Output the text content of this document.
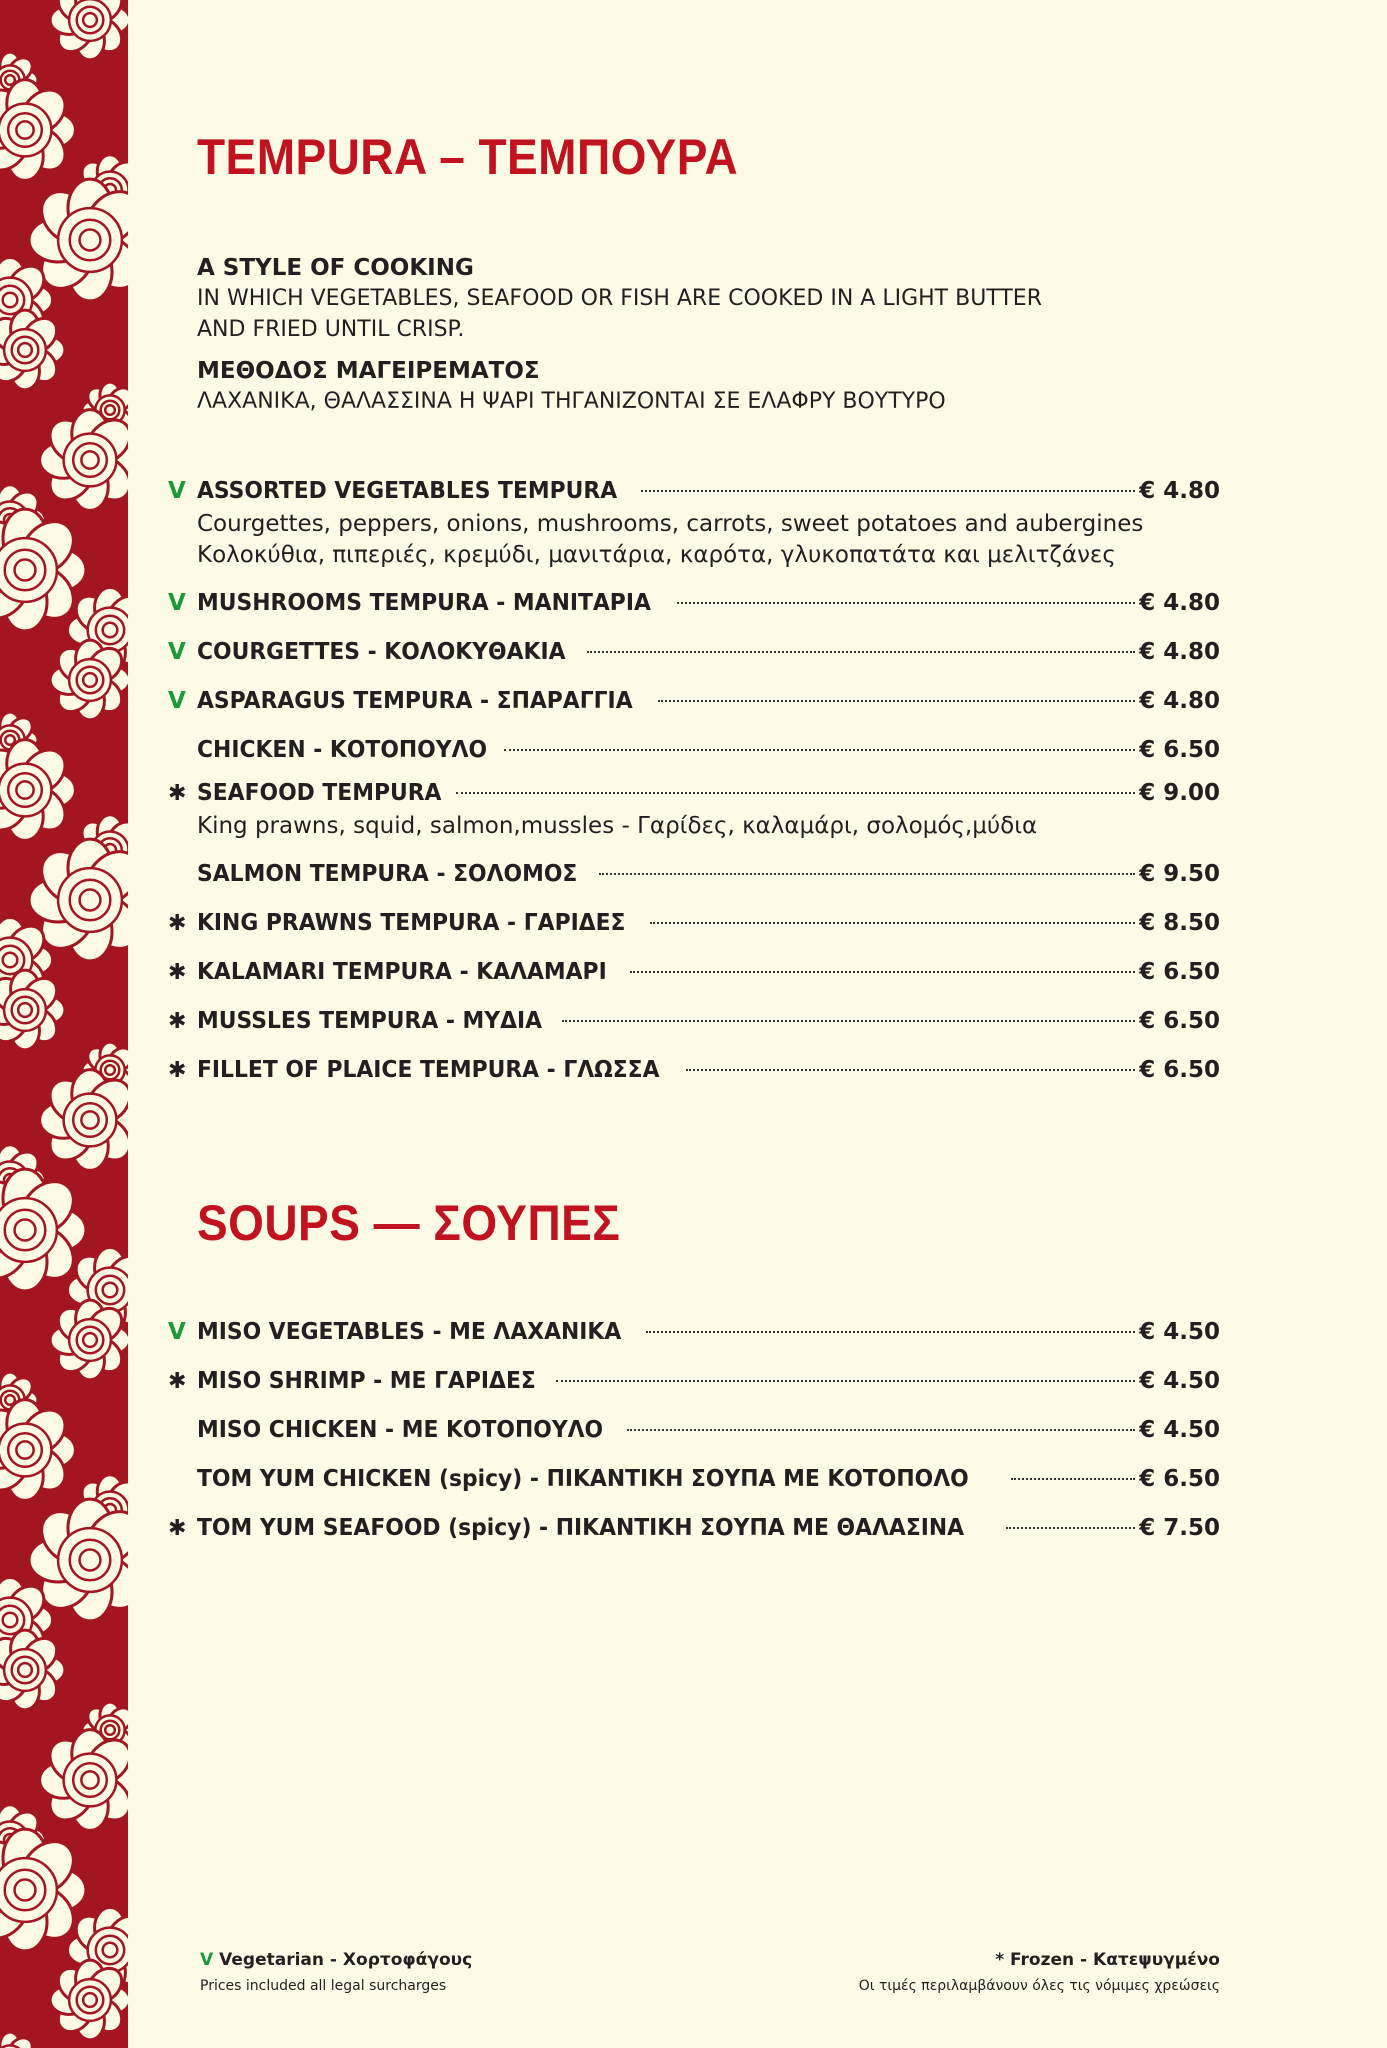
TEMPURA – ΤΕΜΠΟΥΡΑ
A STYLE OF COOKING
IN WHICH VEGETABLES, SEAFOOD OR FISH ARE COOKED IN A LIGHT BUTTER
AND FRIED UNTIL CRISP.
ΜΕΘΟΔΟΣ ΜΑΓΕΙΡΕΜΑΤΟΣ
ΛΑΧΑΝΙΚΑ, ΘΑΛΑΣΣΙΝΑ Η ΨΑΡΙ ΤΗΓΑΝΙΖΟΝΤΑΙ ΣΕ ΕΛΑΦΡΥ ΒΟΥΤΥΡΟ
V ASSORTED VEGETABLES TEMPURA	€ 4.80
Courgettes, peppers, onions, mushrooms, carrots, sweet potatoes and aubergines
Κολοκύθια, πιπεριές, κρεμύδι, μανιτάρια, καρότα, γλυκοπατάτα και μελιτζάνες
V MUSHROOMS TEMPURA - ΜΑΝΙΤΑΡΙΑ	€ 4.80
V COURGETTES - ΚΟΛΟΚΥΘΑΚΙΑ	€ 4.80
V ASPARAGUS TEMPURA - ΣΠΑΡΑΓΓΙΑ	€ 4.80
CHICKEN - ΚΟΤΟΠΟΥΛΟ	€ 6.50
✱ SEAFOOD TEMPURA	€ 9.00
King prawns, squid, salmon,mussles - Γαρίδες, καλαμάρι, σολομός,μύδια
SALMON TEMPURA - ΣΟΛΟΜΟΣ	€ 9.50
✱ KING PRAWNS TEMPURA - ΓΑΡΙΔΕΣ	€ 8.50
✱ KALAMARI TEMPURA - ΚΑΛΑΜΑΡΙ	€ 6.50
✱ MUSSLES TEMPURA - ΜΥΔΙΑ	€ 6.50
✱ FILLET OF PLAICE TEMPURA - ΓΛΩΣΣΑ	€ 6.50
SOUPS — ΣΟΥΠΕΣ
V MISO VEGETABLES - ΜΕ ΛΑΧΑΝΙΚΑ	€ 4.50
✱ MISO SHRIMP - ΜΕ ΓΑΡΙΔΕΣ	€ 4.50
MISO CHICKEN - ΜΕ ΚΟΤΟΠΟΥΛΟ	€ 4.50
TOM YUM CHICKEN (spicy) - ΠΙΚΑΝΤΙΚΗ ΣΟΥΠΑ ΜΕ ΚΟΤΟΠΟΛΟ	€ 6.50
✱ TOM YUM SEAFOOD (spicy) - ΠΙΚΑΝΤΙΚΗ ΣΟΥΠΑ ΜΕ ΘΑΛΑΣΙΝΑ	€ 7.50
V Vegetarian - Χορτοφάγους
Prices included all legal surcharges
* Frozen - Κατεψυγμένο
Οι τιμές περιλαμβάνουν όλες τις νόμιμες χρεώσεις
